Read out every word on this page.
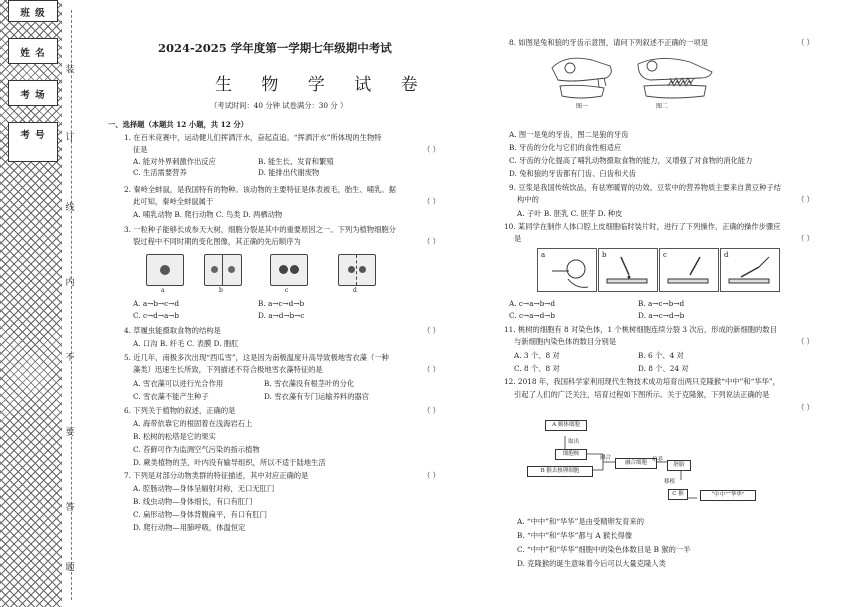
班 级
姓 名
考 场
考 号
装
订
线
内
不
要
答
题
2024-2025 学年度第一学期七年级期中考试
生 物 学 试 卷
（考试时间：40 分钟 试卷满分：30 分 ）
一、选择题（本题共 12 小题，共 12 分）
1. 在百米竞赛中，运动健儿们挥洒汗水，奋起直追。“挥洒汗水”所体现的生物特
征是	（ ）
A. 能对外界刺激作出反应	B. 能生长、发育和繁殖
C. 生活需要营养	D. 能排出代谢废物
2. 秦岭全蚌鼠，是我国特有的物种。该动物的主要特征是体表被毛，胎生、哺乳。据
此可知，秦岭全蚌鼠属于	（ ）
A. 哺乳动物 B. 爬行动物 C. 鸟类 D. 两栖动物
3. 一粒种子能够长成参天大树，细胞分裂是其中的重要原因之一。下列为植物细胞分
裂过程中不同时期的变化图像，其正确的先后顺序为	（ ）
a	b	c	d
A. a→b→c→d	B. a→c→d→b
C. c→d→a→b	D. a→d→b→c
4. 草履虫能摄取食物的结构是	（ ）
A. 口沟 B. 纤毛 C. 表膜 D. 胞肛
5. 近几年，南极多次出现“西瓜雪”，这是因为南极温度升高导致极地雪衣藻（一种
藻类）迅速生长所致，下列描述不符合极地雪衣藻特征的是	（ ）
A. 雪衣藻可以进行光合作用	B. 雪衣藻没有根茎叶的分化
C. 雪衣藻不能产生种子	D. 雪衣藻有专门运输养料的器官
6. 下列关于植物的叙述，正确的是	（ ）
A. 海带依靠它的根固着在浅海岩石上
B. 松树的松塔是它的果实
C. 苔藓可作为监测空气污染的指示植物
D. 蕨类植物的茎，叶内没有输导组织，所以不适于陆地生活
7. 下列是对部分动物类群的特征描述，其中对应正确的是	（ ）
A. 腔肠动物—身体呈辐射对称，无口无肛门
B. 线虫动物—身体细长，有口有肛门
C. 扁形动物—身体背腹扁平，有口有肛门
D. 爬行动物—用肺呼吸，体温恒定
8. 如图是兔和狼的牙齿示意图，请问下列叙述不正确的一项是	（ ）
图一	图二
A. 图一是兔的牙齿，图二是狼的牙齿
B. 牙齿的分化与它们的食性相适应
C. 牙齿的分化提高了哺乳动物摄取食物的能力，又增强了对食物的消化能力
D. 兔和狼的牙齿都有门齿、臼齿和犬齿
9. 豆浆是我国传统饮品，有祛寒暖胃的功效。豆浆中的营养物质主要来自黄豆种子结
构中的	（ ）
A. 子叶 B. 胚乳 C. 胚芽 D. 种皮
10. 某同学在制作人体口腔上皮细胞临时装片时，进行了下列操作，正确的操作步骤应
是	（ ）
a	b	c	d
A. c→a→b→d	B. a→c→b→d
C. c→a→d→b	D. a→c→d→b
11. 桃树的细胞有 8 对染色体，1 个桃树细胞连续分裂 3 次后，形成的新细胞的数目
与新细胞内染色体的数目分别是	（ ）
A. 3 个、8 对	B. 6 个、4 对
C. 8 个、8 对	D. 8 个、24 对
12. 2018 年，我国科学家利用现代生物技术成功培育出两只克隆猴“中中”和“华华”，
引起了人们的广泛关注，培育过程如下图所示。关于克隆猴，下列说法正确的是
（ ）
A 猴体细胞
取出
细胞核
B 猴去核卵细胞
融合
融合细胞 培养
胚胎
移植
C 猴	“中中”“华华”
A. “中中”和“华华”是由受精卵发育来的
B. “中中”和“华华”都与 A 猴长得像
C. “中中”和“华华”细胞中的染色体数目是 B 猴的一半
D. 克隆猴的诞生意味着今后可以大量克隆人类
